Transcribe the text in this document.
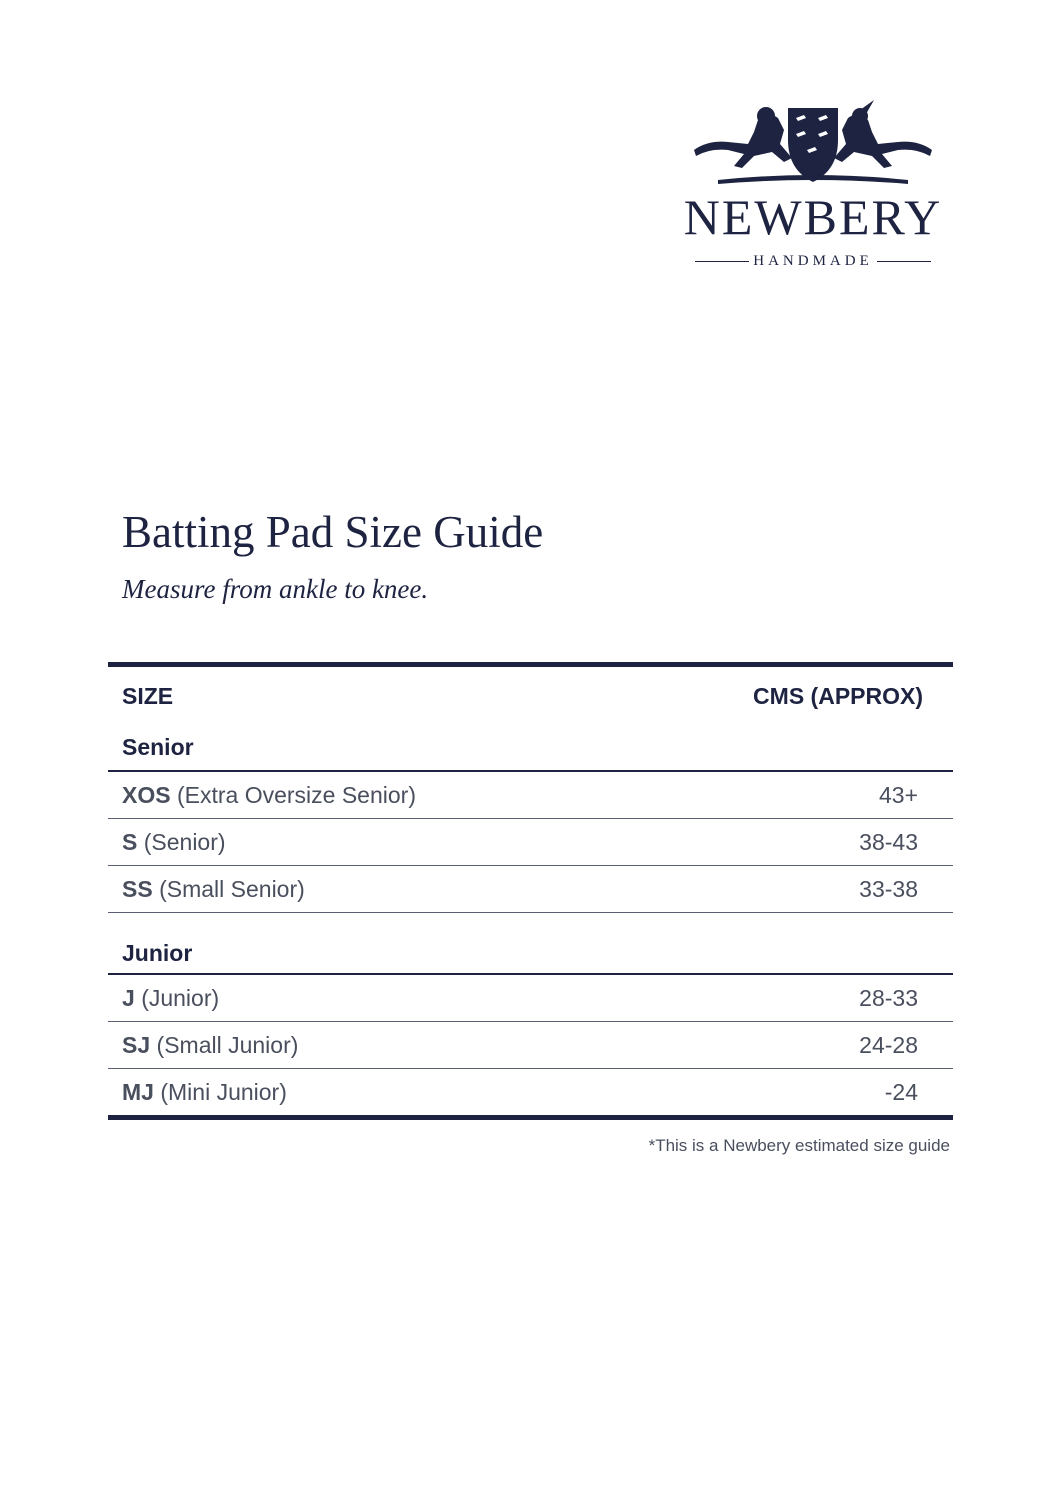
NEWBERY
HANDMADE
Batting Pad Size Guide
Measure from ankle to knee.
SIZE	CMS (APPROX)
Senior
XOS (Extra Oversize Senior)	43+
S (Senior)	38-43
SS (Small Senior)	33-38
Junior
J (Junior)	28-33
SJ (Small Junior)	24-28
MJ (Mini Junior)	-24
*This is a Newbery estimated size guide
